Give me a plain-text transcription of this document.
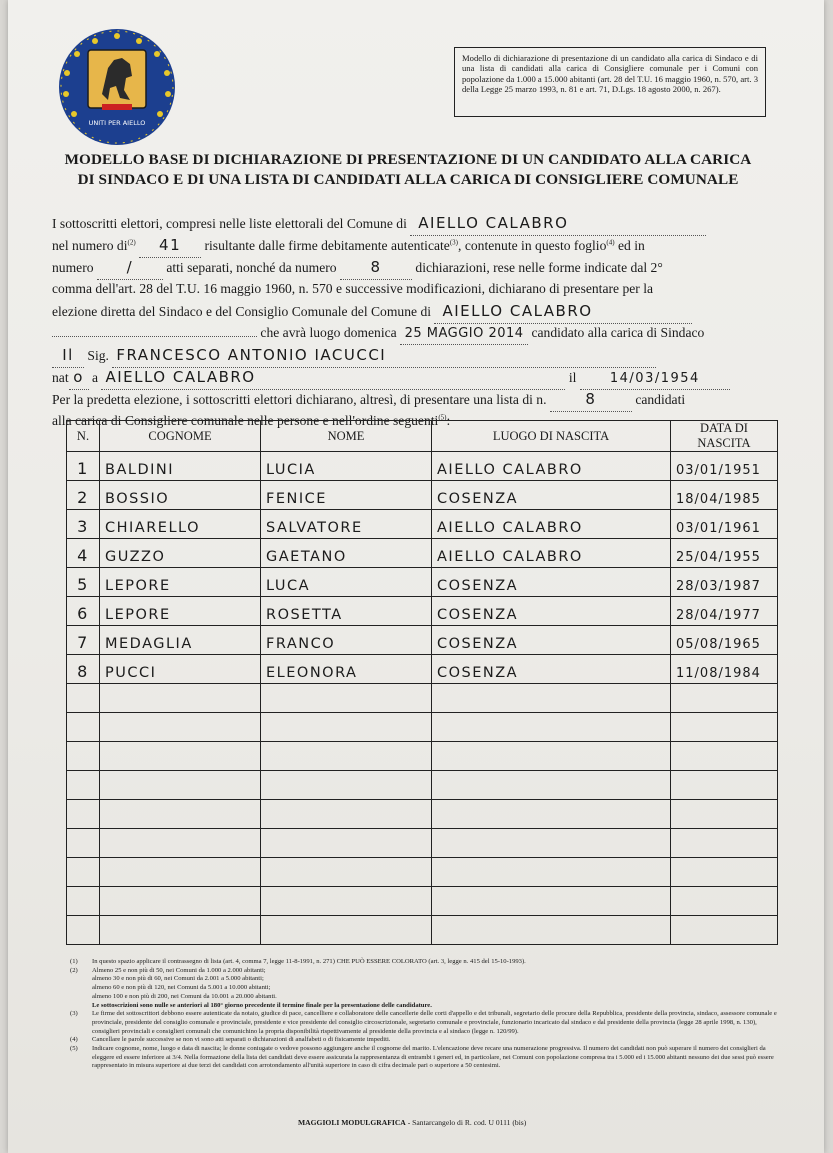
UNITI PER AIELLO
Modello di dichiarazione di presentazione di un candidato alla carica di Sindaco e di una lista di candidati alla carica di Consigliere comunale per i Comuni con popolazione da 1.000 a 15.000 abitanti (art. 28 del T.U. 16 maggio 1960, n. 570, art. 3 della Legge 25 marzo 1993, n. 81 e art. 71, D.Lgs. 18 agosto 2000, n. 267).
MODELLO BASE DI DICHIARAZIONE DI PRESENTAZIONE DI UN CANDIDATO ALLA CARICA
DI SINDACO E DI UNA LISTA DI CANDIDATI ALLA CARICA DI CONSIGLIERE COMUNALE
I sottoscritti elettori, compresi nelle liste elettorali del Comune di AIELLO CALABRO
nel numero $di^{(2)}$ 41 risultante dalle firme debitamente autenticate$^{(3)}$, contenute in questo foglio$^{(4)}$ ed in
numero / atti separati, nonché da numero 8 dichiarazioni, rese nelle forme indicate dal 2°
comma dell'art. 28 del T.U. 16 maggio 1960, n. 570 e successive modificazioni, dichiarano di presentare per la
elezione diretta del Sindaco e del Consiglio Comunale del Comune di AIELLO CALABRO
che avrà luogo domenica 25 MAGGIO 2014 candidato alla carica di Sindaco
Il Sig. FRANCESCO ANTONIO IACUCCI
nat o a AIELLO CALABRO	il	14/03/1954
Per la predetta elezione, i sottoscritti elettori dichiarano, altresì, di presentare una lista di n.	8	candidati
alla carica di Consigliere comunale nelle persone e nell'ordine seguenti$^{(5)}$:
N.	COGNOME	NOME	LUOGO DI NASCITA	DATA DI NASCITA
1	BALDINI	LUCIA	AIELLO CALABRO	03/01/1951
2	BOSSIO	FENICE	COSENZA	18/04/1985
3	CHIARELLO	SALVATORE	AIELLO CALABRO	03/01/1961
4	GUZZO	GAETANO	AIELLO CALABRO	25/04/1955
5	LEPORE	LUCA	COSENZA	28/03/1987
6	LEPORE	ROSETTA	COSENZA	28/04/1977
7	MEDAGLIA	FRANCO	COSENZA	05/08/1965
8	PUCCI	ELEONORA	COSENZA	11/08/1984

(1)	In questo spazio applicare il contrassegno di lista (art. 4, comma 7, legge 11-8-1991, n. 271) CHE PUÒ ESSERE COLORATO (art. 3, legge n. 415 del 15-10-1993).
(2)	Almeno 25 e non più di 50, nei Comuni da 1.000 a 2.000 abitanti;
almeno 30 e non più di 60, nei Comuni da 2.001 a 5.000 abitanti;
almeno 60 e non più di 120, nei Comuni da 5.001 a 10.000 abitanti;
almeno 100 e non più di 200, nei Comuni da 10.001 a 20.000 abitanti.
Le sottoscrizioni sono nulle se anteriori al 180° giorno precedente il termine finale per la presentazione delle candidature.
(3)	Le firme dei sottoscrittori debbono essere autenticate da notaio, giudice di pace, cancelliere e collaboratore delle cancellerie delle corti d'appello e dei tribunali, segretario delle procure della Repubblica, presidente della provincia, sindaco, assessore comunale e provinciale, presidente del consiglio comunale e provinciale, presidente e vice presidente del consiglio circoscrizionale, segretario comunale e provinciale, funzionario incaricato dal sindaco e dal presidente della provincia (legge 28 aprile 1998, n. 130), consiglieri provinciali e consiglieri comunali che comunichino la propria disponibilità rispettivamente al presidente della provincia e al sindaco (legge n. 120/99).
(4)	Cancellare le parole successive se non vi sono atti separati o dichiarazioni di analfabeti o di fisicamente impediti.
(5)	Indicare cognome, nome, luogo e data di nascita; le donne coniugate o vedove possono aggiungere anche il cognome del marito. L'elencazione deve recare una numerazione progressiva. Il numero dei candidati non può superare il numero dei consiglieri da eleggere ed essere inferiore ai 3/4. Nella formazione della lista dei candidati deve essere assicurata la rappresentanza di entrambi i generi ed, in particolare, nei Comuni con popolazione compresa tra i 5.000 ed i 15.000 abitanti nessuno dei due sessi può essere rappresentato in misura superiore ai due terzi dei candidati con arrotondamento all'unità superiore in caso di cifra decimale pari o superiore a 50 centesimi.
MAGGIOLI MODULGRAFICA - Santarcangelo di R. cod. U 0111 (bis)
